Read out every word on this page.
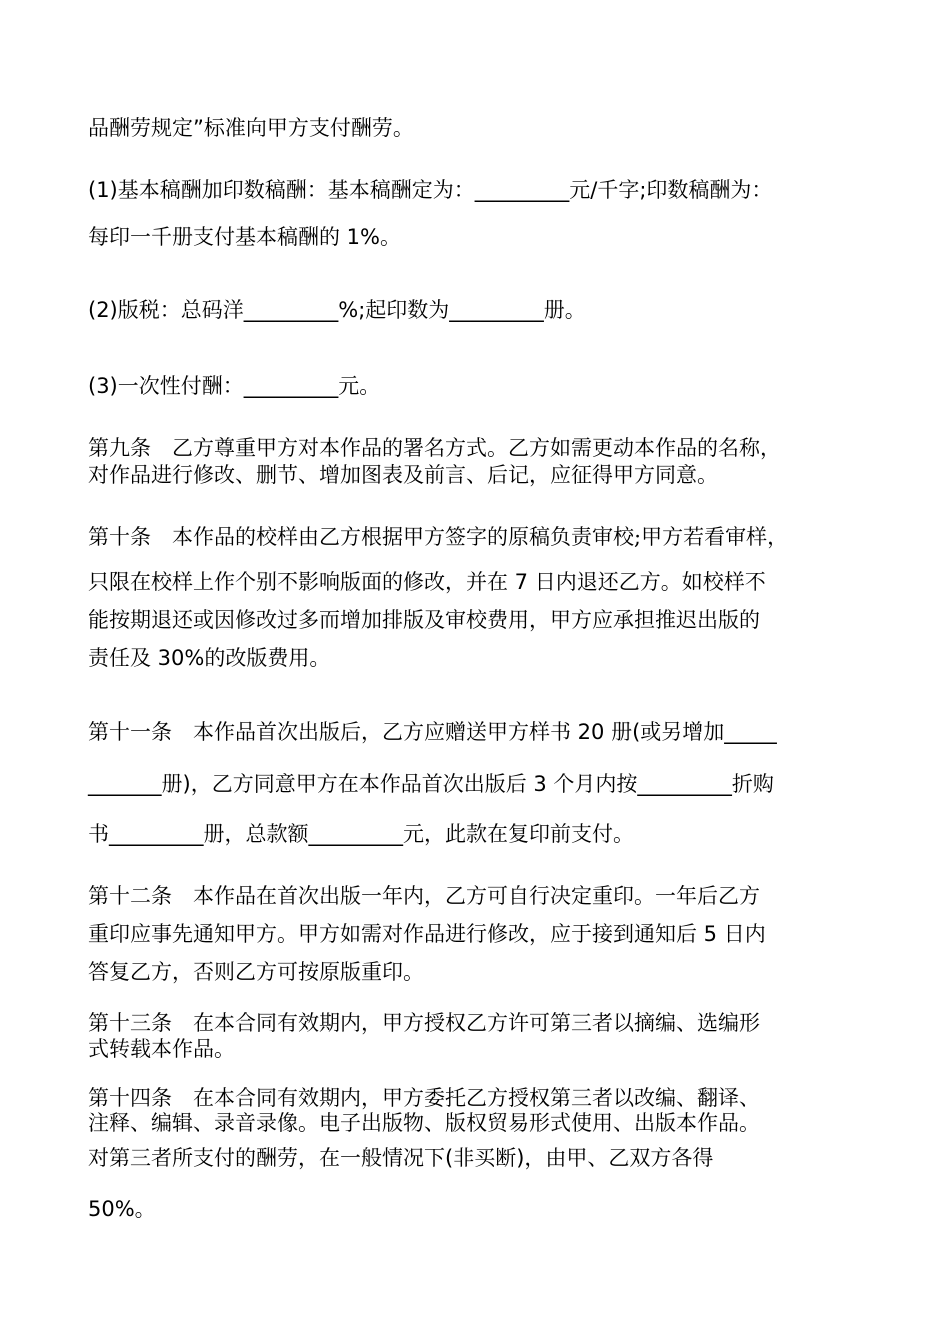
品酬劳规定”标准向甲方支付酬劳。

(1)基本稿酬加印数稿酬：基本稿酬定为：_________元/千字;印数稿酬为：

每印一千册支付基本稿酬的 1%。

(2)版税：总码洋_________%;起印数为_________册。

(3)一次性付酬：_________元。

第九条　乙方尊重甲方对本作品的署名方式。乙方如需更动本作品的名称，

对作品进行修改、删节、增加图表及前言、后记，应征得甲方同意。

第十条　本作品的校样由乙方根据甲方签字的原稿负责审校;甲方若看审样，

只限在校样上作个别不影响版面的修改，并在 7 日内退还乙方。如校样不

能按期退还或因修改过多而增加排版及审校费用，甲方应承担推迟出版的

责任及 30%的改版费用。

第十一条　本作品首次出版后，乙方应赠送甲方样书 20 册(或另增加_____

_______册)，乙方同意甲方在本作品首次出版后 3 个月内按_________折购

书_________册，总款额_________元，此款在复印前支付。

第十二条　本作品在首次出版一年内，乙方可自行决定重印。一年后乙方

重印应事先通知甲方。甲方如需对作品进行修改，应于接到通知后 5 日内

答复乙方，否则乙方可按原版重印。

第十三条　在本合同有效期内，甲方授权乙方许可第三者以摘编、选编形

式转载本作品。

第十四条　在本合同有效期内，甲方委托乙方授权第三者以改编、翻译、

注释、编辑、录音录像。电子出版物、版权贸易形式使用、出版本作品。

对第三者所支付的酬劳，在一般情况下(非买断)，由甲、乙双方各得

50%。
